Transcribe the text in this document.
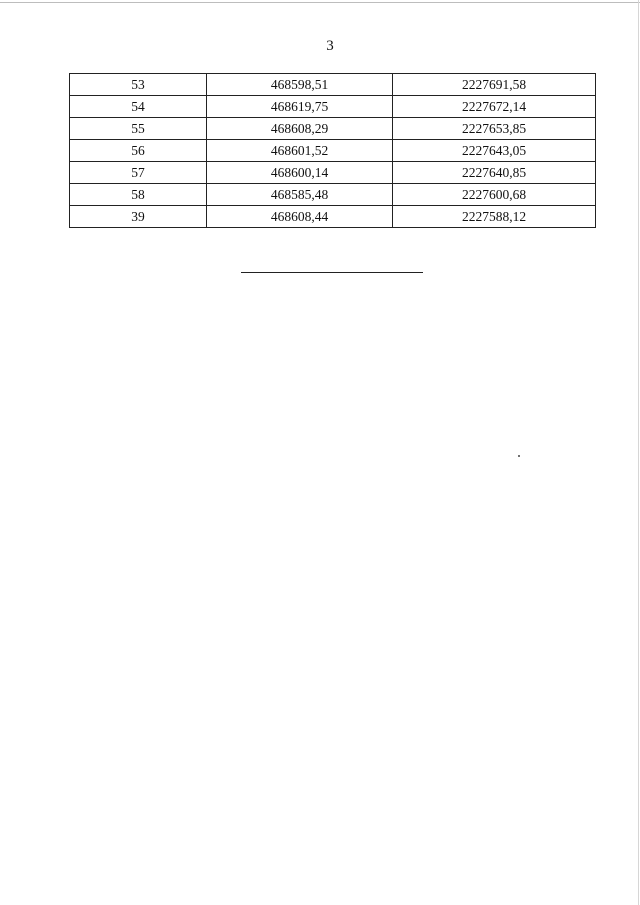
3
53	468598,51	2227691,58
54	468619,75	2227672,14
55	468608,29	2227653,85
56	468601,52	2227643,05
57	468600,14	2227640,85
58	468585,48	2227600,68
39	468608,44	2227588,12
